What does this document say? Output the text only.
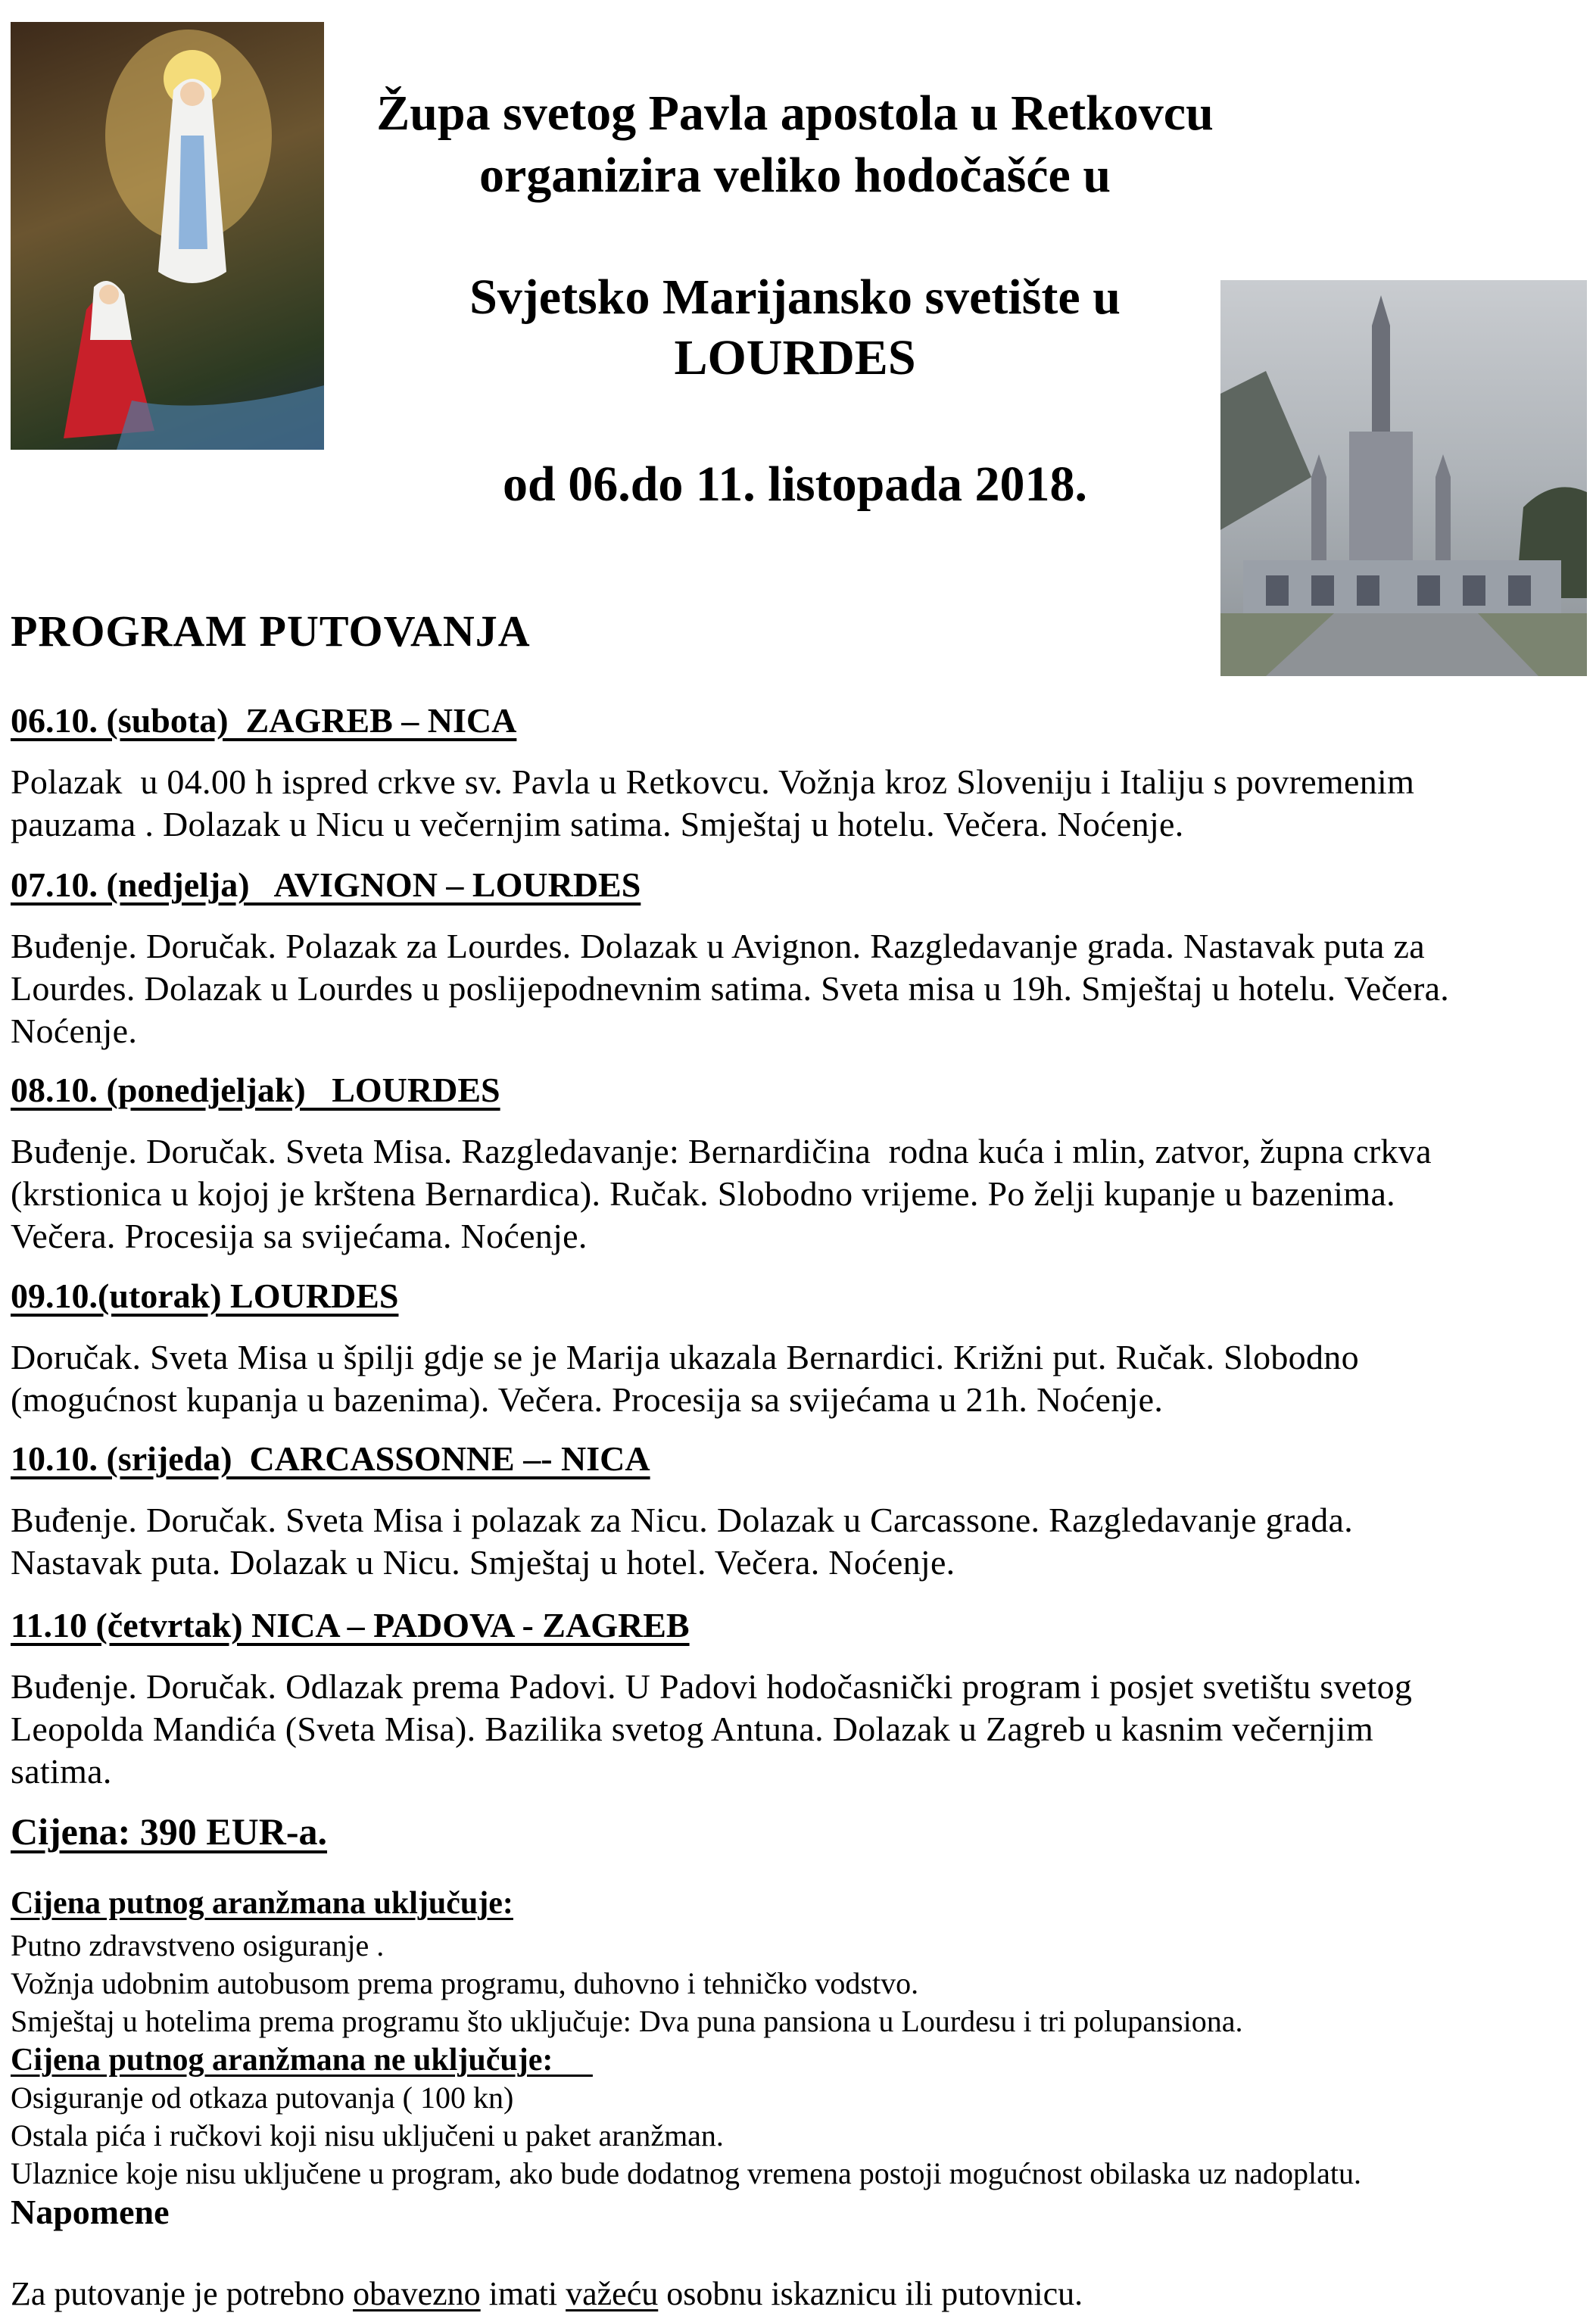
Župa svetog Pavla apostola u Retkovcu
organizira veliko hodočašće u
Svjetsko Marijansko svetište u
LOURDES
od 06.do 11. listopada 2018.
PROGRAM PUTOVANJA
06.10. (subota)  ZAGREB – NICA
Polazak  u 04.00 h ispred crkve sv. Pavla u Retkovcu. Vožnja kroz Sloveniju i Italiju s povremenim
pauzama . Dolazak u Nicu u večernjim satima. Smještaj u hotelu. Večera. Noćenje.
07.10. (nedjelja)   AVIGNON – LOURDES
Buđenje. Doručak. Polazak za Lourdes. Dolazak u Avignon. Razgledavanje grada. Nastavak puta za
Lourdes. Dolazak u Lourdes u poslijepodnevnim satima. Sveta misa u 19h. Smještaj u hotelu. Večera.
Noćenje.
08.10. (ponedjeljak)   LOURDES
Buđenje. Doručak. Sveta Misa. Razgledavanje: Bernardičina  rodna kuća i mlin, zatvor, župna crkva
(krstionica u kojoj je krštena Bernardica). Ručak. Slobodno vrijeme. Po želji kupanje u bazenima.
Večera. Procesija sa svijećama. Noćenje.
09.10.(utorak) LOURDES
Doručak. Sveta Misa u špilji gdje se je Marija ukazala Bernardici. Križni put. Ručak. Slobodno
(mogućnost kupanja u bazenima). Večera. Procesija sa svijećama u 21h. Noćenje.
10.10. (srijeda)  CARCASSONNE –- NICA
Buđenje. Doručak. Sveta Misa i polazak za Nicu. Dolazak u Carcassone. Razgledavanje grada.
Nastavak puta. Dolazak u Nicu. Smještaj u hotel. Večera. Noćenje.
11.10 (četvrtak) NICA – PADOVA - ZAGREB
Buđenje. Doručak. Odlazak prema Padovi. U Padovi hodočasnički program i posjet svetištu svetog
Leopolda Mandića (Sveta Misa). Bazilika svetog Antuna. Dolazak u Zagreb u kasnim večernjim
satima.
Cijena: 390 EUR-a.
Cijena putnog aranžmana uključuje:
Putno zdravstveno osiguranje .
Vožnja udobnim autobusom prema programu, duhovno i tehničko vodstvo.
Smještaj u hotelima prema programu što uključuje: Dva puna pansiona u Lourdesu i tri polupansiona.
Cijena putnog aranžmana ne uključuje:
Osiguranje od otkaza putovanja ( 100 kn)
Ostala pića i ručkovi koji nisu uključeni u paket aranžman.
Ulaznice koje nisu uključene u program, ako bude dodatnog vremena postoji mogućnost obilaska uz nadoplatu.
Napomene

Za putovanje je potrebno obavezno imati važeću osobnu iskaznicu ili putovnicu.
